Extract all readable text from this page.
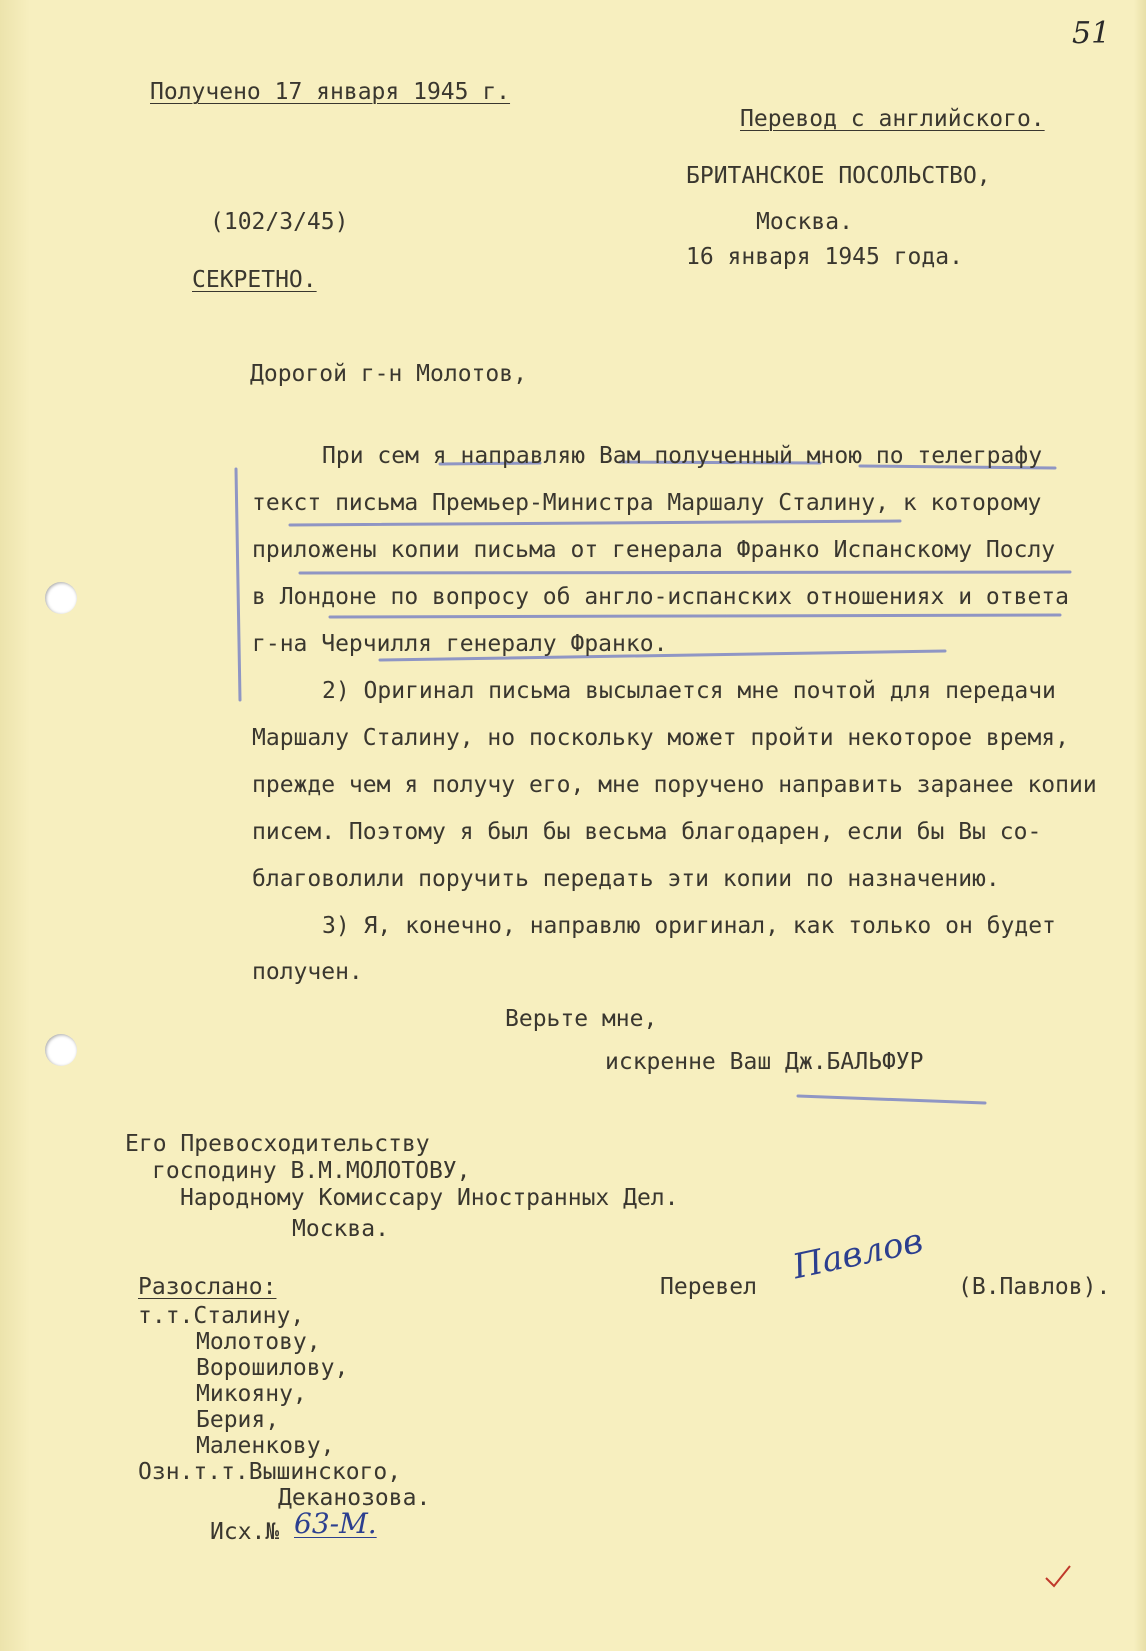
51
Получено 17 января 1945 г.
Перевод с английского.
БРИТАНСКОЕ ПОСОЛЬСТВО,
(102/3/45)	Москва.
16 января 1945 года.
СЕКРЕТНО.
Дорогой г-н Молотов,
При сем я направляю Вам полученный мною по телеграфу
текст письма Премьер-Министра Маршалу Сталину, к которому
приложены копии письма от генерала Франко Испанскому Послу
в Лондоне по вопросу об англо-испанских отношениях и ответа
г-на Черчилля генералу Франко.
2) Оригинал письма высылается мне почтой для передачи
Маршалу Сталину, но поскольку может пройти некоторое время,
прежде чем я получу его, мне поручено направить заранее копии
писем. Поэтому я был бы весьма благодарен, если бы Вы со-
благоволили поручить передать эти копии по назначению.
3) Я, конечно, направлю оригинал, как только он будет
получен.
Верьте мне,
искренне Ваш Дж.БАЛЬФУР
Его Превосходительству
господину В.М.МОЛОТОВУ,
Народному Комиссару Иностранных Дел.
Москва.
Разослано:	Перевел Павлов (В.Павлов).
т.т.Сталину,
Молотову,
Ворошилову,
Микояну,
Берия,
Маленкову,
Озн.т.т.Вышинского,
Деканозова.
Исх.№ 63-М.
